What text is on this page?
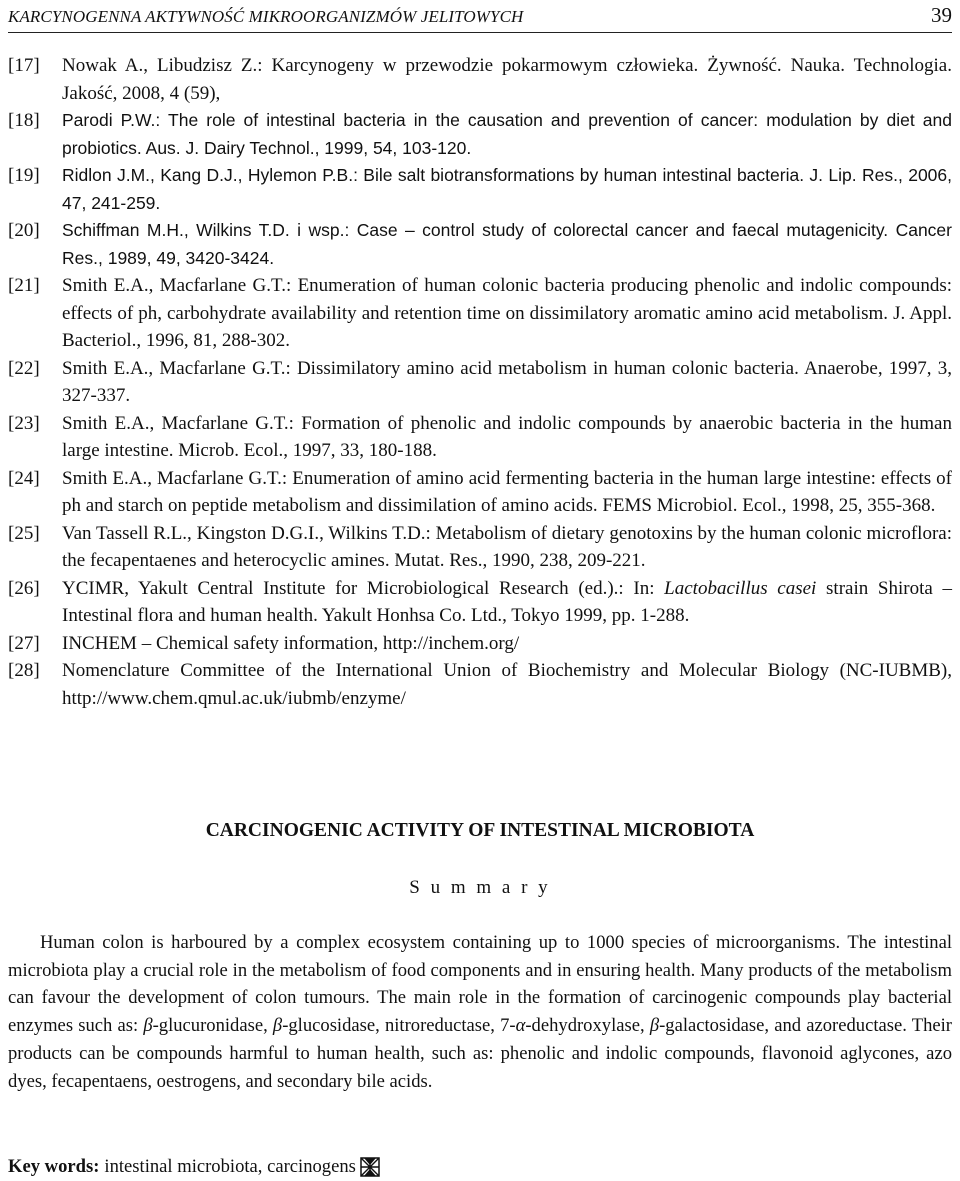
KARCYNOGENNA AKTYWNOŚĆ MIKROORGANIZMÓW JELITOWYCH	39
[17]	Nowak A., Libudzisz Z.: Karcynogeny w przewodzie pokarmowym człowieka. Żywność. Nauka. Technologia. Jakość, 2008, 4 (59),
[18]	Parodi P.W.: The role of intestinal bacteria in the causation and prevention of cancer: modulation by diet and probiotics. Aus. J. Dairy Technol., 1999, 54, 103-120.
[19]	Ridlon J.M., Kang D.J., Hylemon P.B.: Bile salt biotransformations by human intestinal bacteria. J. Lip. Res., 2006, 47, 241-259.
[20]	Schiffman M.H., Wilkins T.D. i wsp.: Case – control study of colorectal cancer and faecal mutagenicity. Cancer Res., 1989, 49, 3420-3424.
[21]	Smith E.A., Macfarlane G.T.: Enumeration of human colonic bacteria producing phenolic and indolic compounds: effects of ph, carbohydrate availability and retention time on dissimilatory aromatic amino acid metabolism. J. Appl. Bacteriol., 1996, 81, 288-302.
[22]	Smith E.A., Macfarlane G.T.: Dissimilatory amino acid metabolism in human colonic bacteria. Anaerobe, 1997, 3, 327-337.
[23]	Smith E.A., Macfarlane G.T.: Formation of phenolic and indolic compounds by anaerobic bacteria in the human large intestine. Microb. Ecol., 1997, 33, 180-188.
[24]	Smith E.A., Macfarlane G.T.: Enumeration of amino acid fermenting bacteria in the human large intestine: effects of ph and starch on peptide metabolism and dissimilation of amino acids. FEMS Microbiol. Ecol., 1998, 25, 355-368.
[25]	Van Tassell R.L., Kingston D.G.I., Wilkins T.D.: Metabolism of dietary genotoxins by the human colonic microflora: the fecapentaenes and heterocyclic amines. Mutat. Res., 1990, 238, 209-221.
[26]	YCIMR, Yakult Central Institute for Microbiological Research (ed.).: In: Lactobacillus casei strain Shirota – Intestinal flora and human health. Yakult Honhsa Co. Ltd., Tokyo 1999, pp. 1-288.
[27]	INCHEM – Chemical safety information, http://inchem.org/
[28]	Nomenclature Committee of the International Union of Biochemistry and Molecular Biology (NC-IUBMB), http://www.chem.qmul.ac.uk/iubmb/enzyme/
CARCINOGENIC ACTIVITY OF INTESTINAL MICROBIOTA
S u m m a r y
Human colon is harboured by a complex ecosystem containing up to 1000 species of microorganisms. The intestinal microbiota play a crucial role in the metabolism of food components and in ensuring health. Many products of the metabolism can favour the development of colon tumours. The main role in the formation of carcinogenic compounds play bacterial enzymes such as: β-glucuronidase, β-glucosidase, nitroreductase, 7-α-dehydroxylase, β-galactosidase, and azoreductase. Their products can be compounds harmful to human health, such as: phenolic and indolic compounds, flavonoid aglycones, azo dyes, fecapentaens, oestrogens, and secondary bile acids.
Key words: intestinal microbiota, carcinogens
